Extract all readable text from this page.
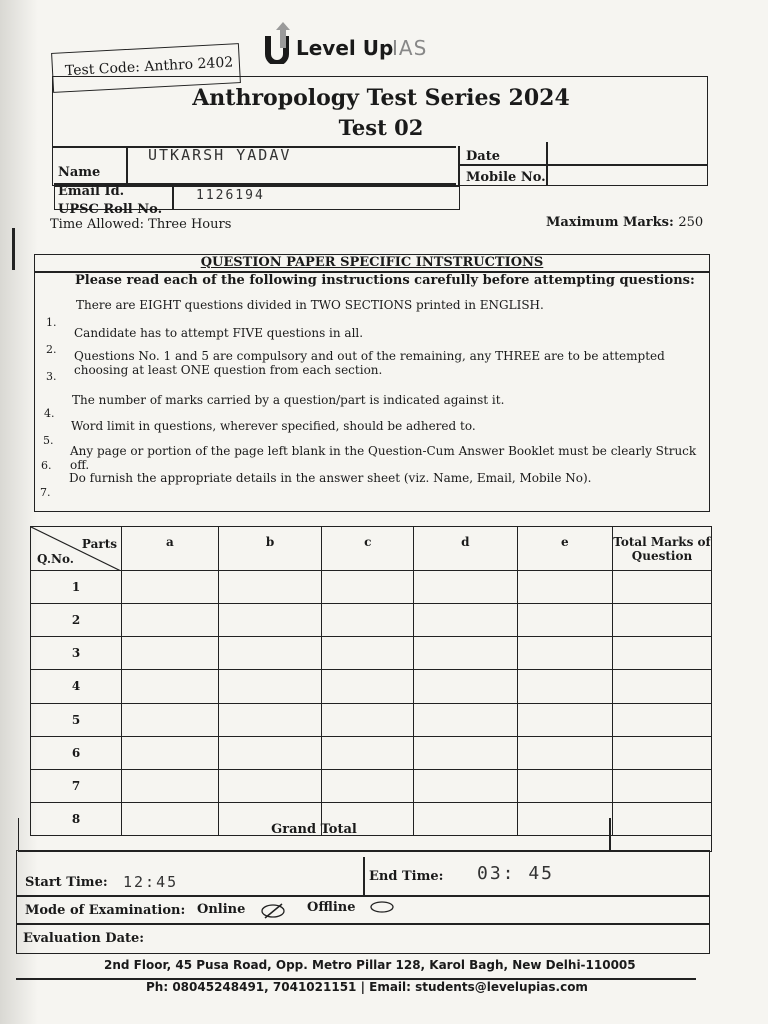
Test Code: Anthro 2402
Level Up
IAS
Anthropology Test Series 2024
Test 02
Name
UTKARSH YADAV
Email Id.
UPSC Roll No.
1126194
Date
Mobile No.
Time Allowed: Three Hours	Maximum Marks: 250
QUESTION PAPER SPECIFIC INTSTRUCTIONS
Please read each of the following instructions carefully before attempting questions:
1.
There are EIGHT questions divided in TWO SECTIONS printed in ENGLISH.
2.
Candidate has to attempt FIVE questions in all.
3.
Questions No. 1 and 5 are compulsory and out of the remaining, any THREE are to be attempted choosing at least ONE question from each section.
4.
The number of marks carried by a question/part is indicated against it.
5.
Word limit in questions, wherever specified, should be adhered to.
6.
Any page or portion of the page left blank in the Question-Cum Answer Booklet must be clearly Struck off.
7.
Do furnish the appropriate details in the answer sheet (viz. Name, Email, Mobile No).
Parts
Q.No.	a	b	c	d	e	Total Marks of Question
1						
2						
3						
4						
5						
6						
7						
8						
Grand Total
Start Time: 12:45	End Time: 03: 45
Mode of Examination: Online	Offline
Evaluation Date:
2nd Floor, 45 Pusa Road, Opp. Metro Pillar 128, Karol Bagh, New Delhi-110005
Ph: 08045248491, 7041021151 | Email: students@levelupias.com
